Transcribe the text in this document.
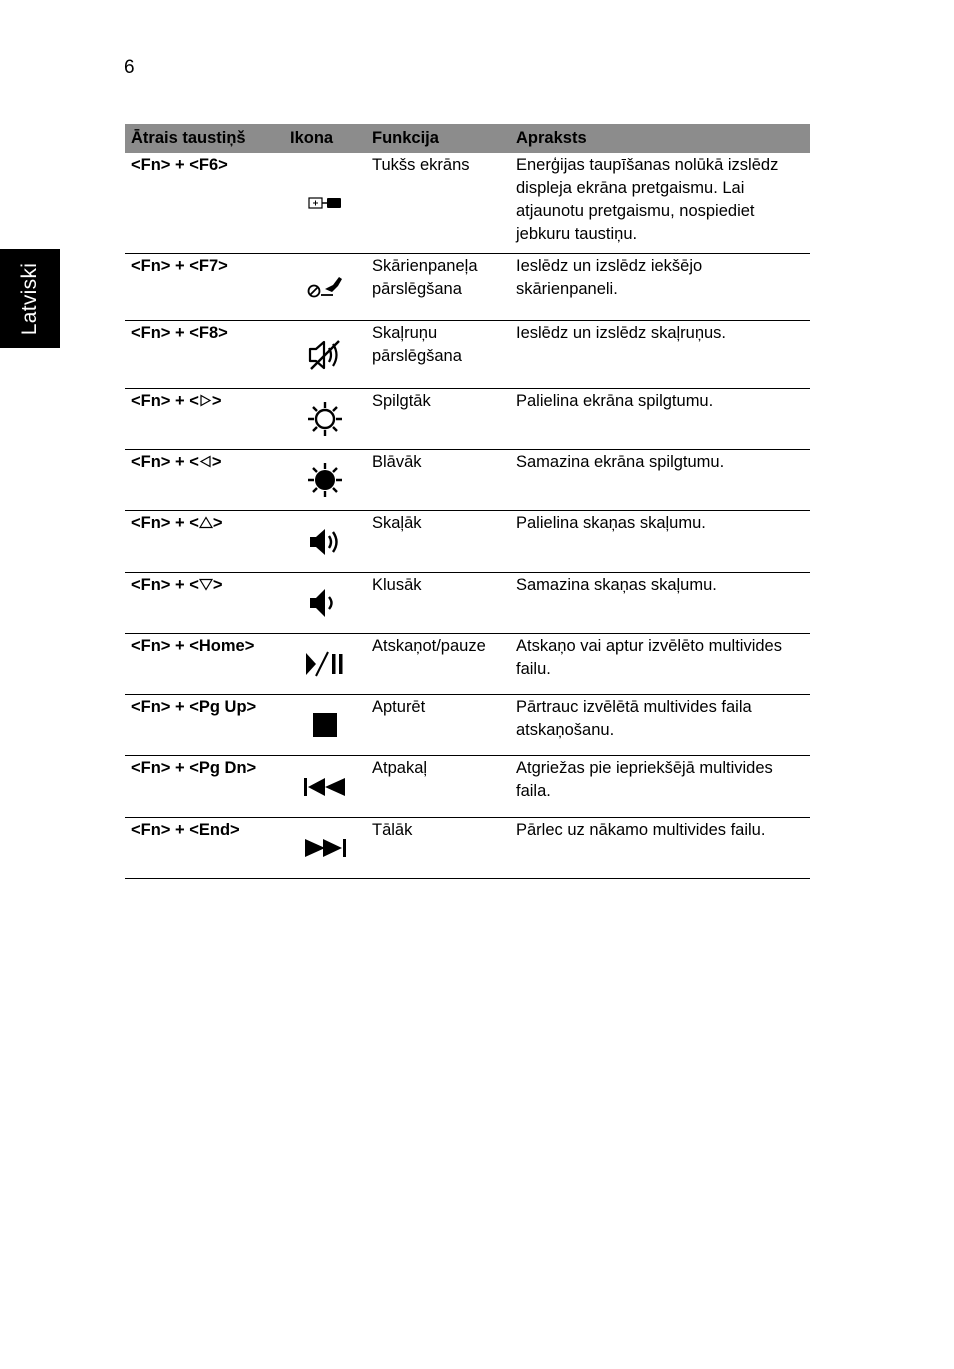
6
Latviski
Ātrais taustiņš	Ikona	Funkcija	Apraksts
<Fn> + <F6>		Tukšs ekrāns	Enerģijas taupīšanas nolūkā izslēdz displeja ekrāna pretgaismu. Lai atjaunotu pretgaismu, nospiediet jebkuru taustiņu.
<Fn> + <F7>		Skārienpaneļa pārslēgšana	Ieslēdz un izslēdz iekšējo skārienpaneli.
<Fn> + <F8>		Skaļruņu pārslēgšana	Ieslēdz un izslēdz skaļruņus.
<Fn> + < >		Spilgtāk	Palielina ekrāna spilgtumu.
<Fn> + < >		Blāvāk	Samazina ekrāna spilgtumu.
<Fn> + < >		Skaļāk	Palielina skaņas skaļumu.
<Fn> + < >		Klusāk	Samazina skaņas skaļumu.
<Fn> + <Home>		Atskaņot/pauze	Atskaņo vai aptur izvēlēto multivides failu.
<Fn> + <Pg Up>		Apturēt	Pārtrauc izvēlētā multivides faila atskaņošanu.
<Fn> + <Pg Dn>		Atpakaļ	Atgriežas pie iepriekšējā multivides faila.
<Fn> + <End>		Tālāk	Pārlec uz nākamo multivides failu.
